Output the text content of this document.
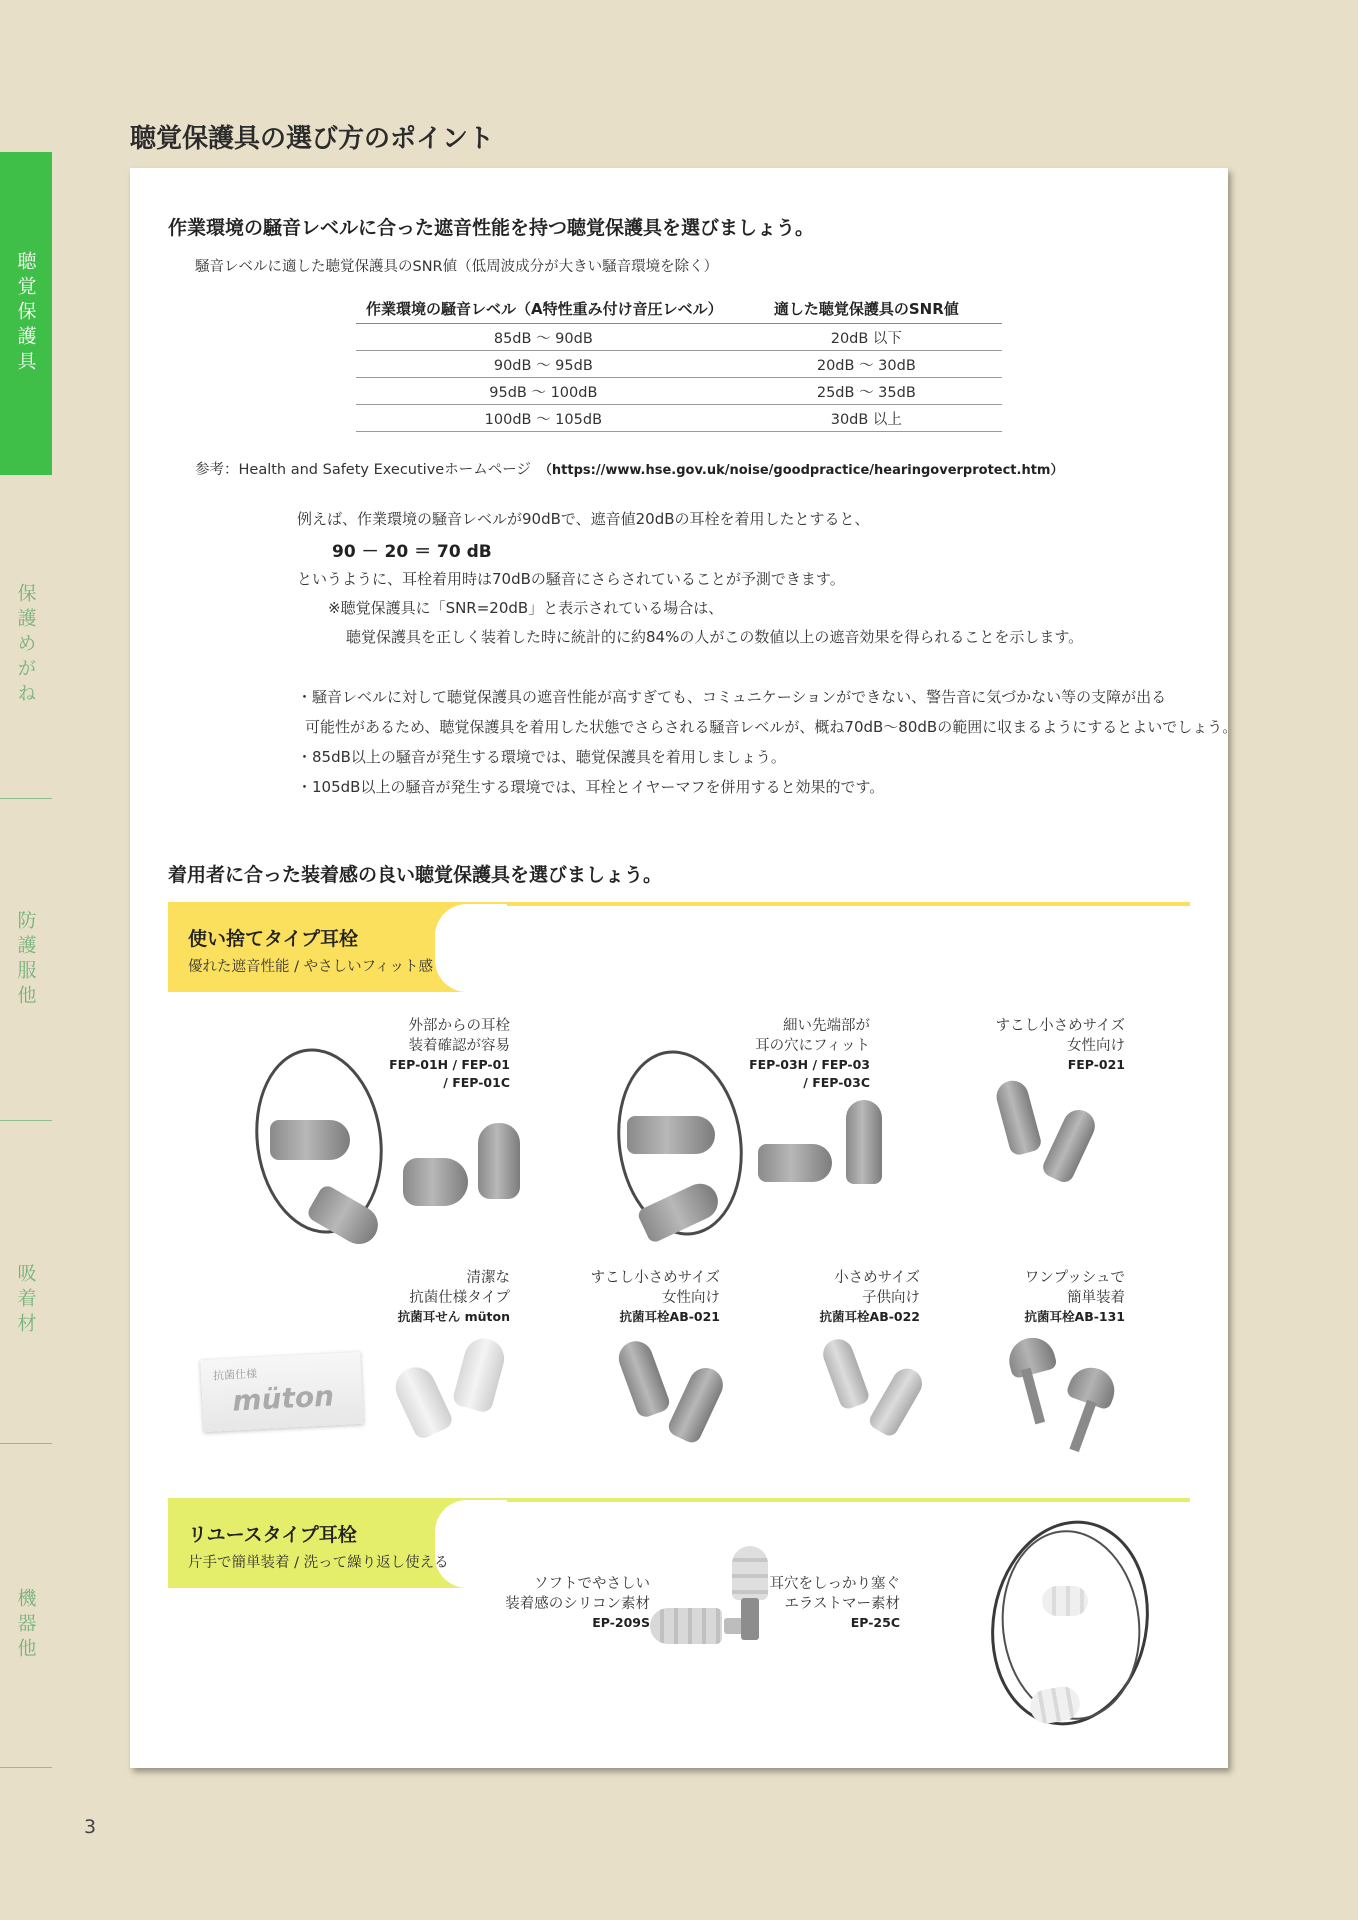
聴覚保護具
保護めがね
防護服他
吸着材
機器他
聴覚保護具の選び方のポイント
作業環境の騒音レベルに合った遮音性能を持つ聴覚保護具を選びましょう。
騒音レベルに適した聴覚保護具のSNR値（低周波成分が大きい騒音環境を除く）
作業環境の騒音レベル（A特性重み付け音圧レベル）	適した聴覚保護具のSNR値
85dB ～ 90dB	20dB 以下
90dB ～ 95dB	20dB ～ 30dB
95dB ～ 100dB	25dB ～ 35dB
100dB ～ 105dB	30dB 以上
参考：Health and Safety Executiveホームページ　（https://www.hse.gov.uk/noise/goodpractice/hearingoverprotect.htm）
例えば、作業環境の騒音レベルが90dBで、遮音値20dBの耳栓を着用したとすると、
90 － 20 ＝ 70 dB
というように、耳栓着用時は70dBの騒音にさらされていることが予測できます。
※聴覚保護具に「SNR=20dB」と表示されている場合は、
聴覚保護具を正しく装着した時に統計的に約84%の人がこの数値以上の遮音効果を得られることを示します。
・騒音レベルに対して聴覚保護具の遮音性能が高すぎても、コミュニケーションができない、警告音に気づかない等の支障が出る
可能性があるため、聴覚保護具を着用した状態でさらされる騒音レベルが、概ね70dB～80dBの範囲に収まるようにするとよいでしょう。
・85dB以上の騒音が発生する環境では、聴覚保護具を着用しましょう。
・105dB以上の騒音が発生する環境では、耳栓とイヤーマフを併用すると効果的です。
着用者に合った装着感の良い聴覚保護具を選びましょう。
使い捨てタイプ耳栓
優れた遮音性能 / やさしいフィット感
外部からの耳栓
装着確認が容易
FEP-01H / FEP-01
/ FEP-01C
細い先端部が
耳の穴にフィット
FEP-03H / FEP-03
/ FEP-03C
すこし小さめサイズ
女性向け
FEP-021
清潔な
抗菌仕様タイプ
抗菌耳せん müton
抗菌仕様
müton
すこし小さめサイズ
女性向け
抗菌耳栓AB-021
小さめサイズ
子供向け
抗菌耳栓AB-022
ワンプッシュで
簡単装着
抗菌耳栓AB-131
リユースタイプ耳栓
片手で簡単装着 / 洗って繰り返し使える
ソフトでやさしい
装着感のシリコン素材
EP-209S
耳穴をしっかり塞ぐ
エラストマー素材
EP-25C
3
